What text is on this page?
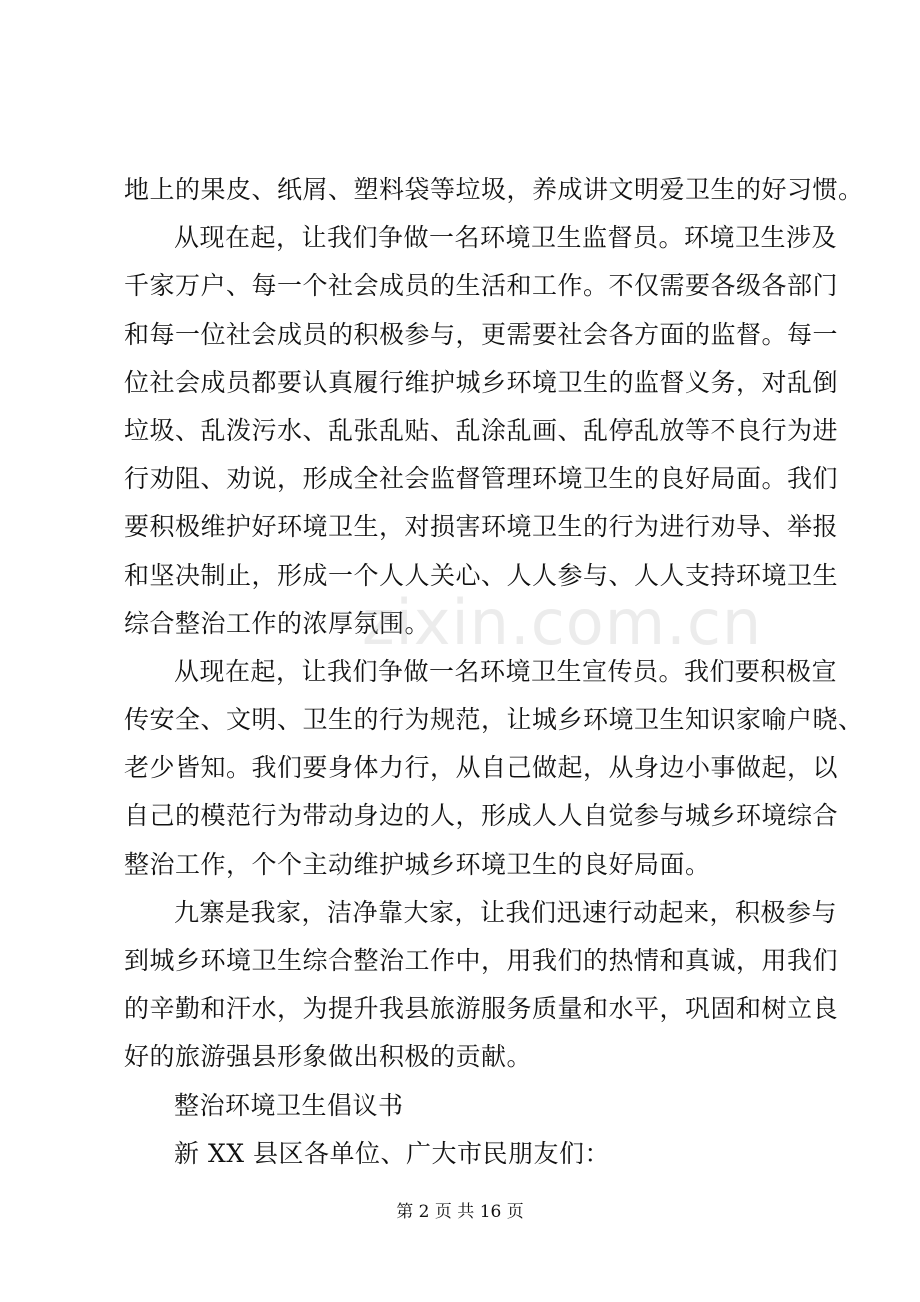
地上的果皮、纸屑、塑料袋等垃圾，养成讲文明爱卫生的好习惯。
从现在起，让我们争做一名环境卫生监督员。环境卫生涉及
千家万户、每一个社会成员的生活和工作。不仅需要各级各部门
和每一位社会成员的积极参与，更需要社会各方面的监督。每一
位社会成员都要认真履行维护城乡环境卫生的监督义务，对乱倒
垃圾、乱泼污水、乱张乱贴、乱涂乱画、乱停乱放等不良行为进
行劝阻、劝说，形成全社会监督管理环境卫生的良好局面。我们
要积极维护好环境卫生，对损害环境卫生的行为进行劝导、举报
和坚决制止，形成一个人人关心、人人参与、人人支持环境卫生
综合整治工作的浓厚氛围。
从现在起，让我们争做一名环境卫生宣传员。我们要积极宣
传安全、文明、卫生的行为规范，让城乡环境卫生知识家喻户晓、
老少皆知。我们要身体力行，从自己做起，从身边小事做起，以
自己的模范行为带动身边的人，形成人人自觉参与城乡环境综合
整治工作，个个主动维护城乡环境卫生的良好局面。
九寨是我家，洁净靠大家，让我们迅速行动起来，积极参与
到城乡环境卫生综合整治工作中，用我们的热情和真诚，用我们
的辛勤和汗水，为提升我县旅游服务质量和水平，巩固和树立良
好的旅游强县形象做出积极的贡献。
整治环境卫生倡议书
新 XX 县区各单位、广大市民朋友们：
zixin.com.cn
第 2 页 共 16 页
